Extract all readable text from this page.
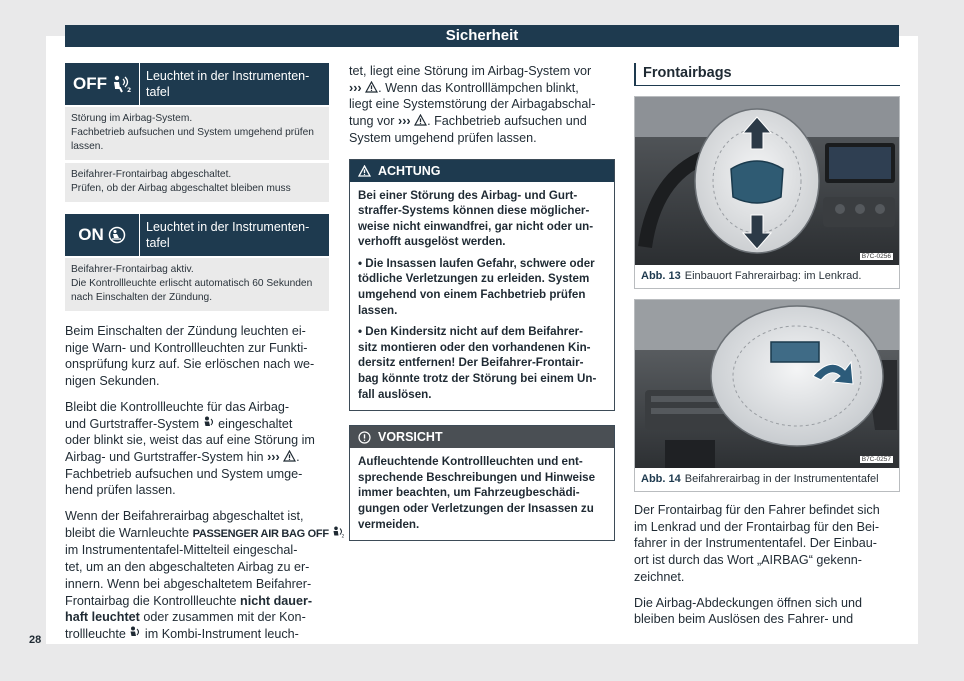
Sicherheit
OFF	2
Leuchtet in der Instrumenten-
tafel
Störung im Airbag-System.
Fachbetrieb aufsuchen und System umgehend prüfen
lassen.
Beifahrer-Frontairbag abgeschaltet.
Prüfen, ob der Airbag abgeschaltet bleiben muss
ON	Leuchtet in der Instrumenten-
tafel
Beifahrer-Frontairbag aktiv.
Die Kontrollleuchte erlischt automatisch 60 Sekunden
nach Einschalten der Zündung.
Beim Einschalten der Zündung leuchten ei-
nige Warn- und Kontrollleuchten zur Funkti-
onsprüfung kurz auf. Sie erlöschen nach we-
nigen Sekunden.
Bleibt die Kontrollleuchte für das Airbag-
und Gurtstraffer-System eingeschaltet
oder blinkt sie, weist das auf eine Störung im
Airbag- und Gurtstraffer-System hin ››› .
Fachbetrieb aufsuchen und System umge-
hend prüfen lassen.
Wenn der Beifahrerairbag abgeschaltet ist,
bleibt die Warnleuchte PASSENGER AIR BAG OFF	2
im Instrumententafel-Mittelteil eingeschal-
tet, um an den abgeschalteten Airbag zu er-
innern. Wenn bei abgeschaltetem Beifahrer-
Frontairbag die Kontrollleuchte nicht dauer-
haft leuchtet oder zusammen mit der Kon-
trollleuchte im Kombi-Instrument leuch-
tet, liegt eine Störung im Airbag-System vor
››› . Wenn das Kontrolllämpchen blinkt,
liegt eine Systemstörung der Airbagabschal-
tung vor ››› . Fachbetrieb aufsuchen und
System umgehend prüfen lassen.
ACHTUNG

Bei einer Störung des Airbag- und Gurt-
straffer-Systems können diese möglicher-
weise nicht einwandfrei, gar nicht oder un-
verhofft ausgelöst werden.

• Die Insassen laufen Gefahr, schwere oder
tödliche Verletzungen zu erleiden. System
umgehend von einem Fachbetrieb prüfen
lassen.

• Den Kindersitz nicht auf dem Beifahrer-
sitz montieren oder den vorhandenen Kin-
dersitz entfernen! Der Beifahrer-Frontair-
bag könnte trotz der Störung bei einem Un-
fall auslösen.

VORSICHT

Aufleuchtende Kontrollleuchten und ent-
sprechende Beschreibungen und Hinweise
immer beachten, um Fahrzeugbeschädi-
gungen oder Verletzungen der Insassen zu
vermeiden.

Frontairbags
B7C-0256
Abb. 13 Einbauort Fahrerairbag: im Lenkrad.
B7C-0257
Abb. 14 Beifahrerairbag in der Instrumententafel
Der Frontairbag für den Fahrer befindet sich
im Lenkrad und der Frontairbag für den Bei-
fahrer in der Instrumententafel. Der Einbau-
ort ist durch das Wort „AIRBAG“ gekenn-
zeichnet.
Die Airbag-Abdeckungen öffnen sich und
bleiben beim Auslösen des Fahrer- und
28
